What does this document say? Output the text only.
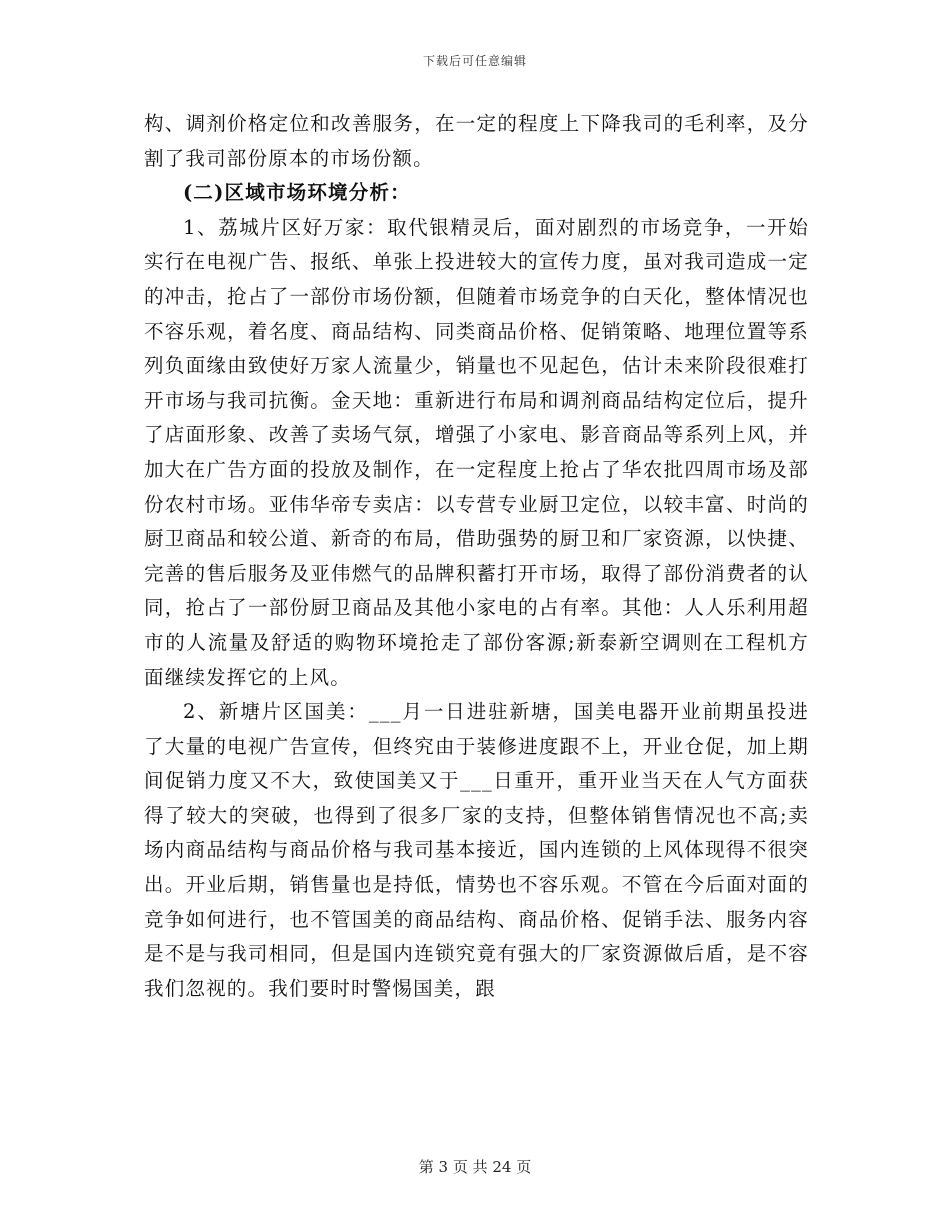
下载后可任意编辑

构、调剂价格定位和改善服务，在一定的程度上下降我司的毛利率，及分割了我司部份原本的市场份额。

(二)区域市场环境分析：

1、荔城片区好万家：取代银精灵后，面对剧烈的市场竞争，一开始实行在电视广告、报纸、单张上投进较大的宣传力度，虽对我司造成一定的冲击，抢占了一部份市场份额，但随着市场竞争的白天化，整体情况也不容乐观，着名度、商品结构、同类商品价格、促销策略、地理位置等系列负面缘由致使好万家人流量少，销量也不见起色，估计未来阶段很难打开市场与我司抗衡。金天地：重新进行布局和调剂商品结构定位后，提升了店面形象、改善了卖场气氛，增强了小家电、影音商品等系列上风，并加大在广告方面的投放及制作，在一定程度上抢占了华农批四周市场及部份农村市场。亚伟华帝专卖店：以专营专业厨卫定位，以较丰富、时尚的厨卫商品和较公道、新奇的布局，借助强势的厨卫和厂家资源，以快捷、完善的售后服务及亚伟燃气的品牌积蓄打开市场，取得了部份消费者的认同，抢占了一部份厨卫商品及其他小家电的占有率。其他：人人乐利用超市的人流量及舒适的购物环境抢走了部份客源;新泰新空调则在工程机方面继续发挥它的上风。

2、新塘片区国美：___月一日进驻新塘，国美电器开业前期虽投进了大量的电视广告宣传，但终究由于装修进度跟不上，开业仓促，加上期间促销力度又不大，致使国美又于___日重开，重开业当天在人气方面获得了较大的突破，也得到了很多厂家的支持，但整体销售情况也不高;卖场内商品结构与商品价格与我司基本接近，国内连锁的上风体现得不很突出。开业后期，销售量也是持低，情势也不容乐观。不管在今后面对面的竞争如何进行，也不管国美的商品结构、商品价格、促销手法、服务内容是不是与我司相同，但是国内连锁究竟有强大的厂家资源做后盾，是不容我们忽视的。我们要时时警惕国美，跟

第 3 页 共 24 页
